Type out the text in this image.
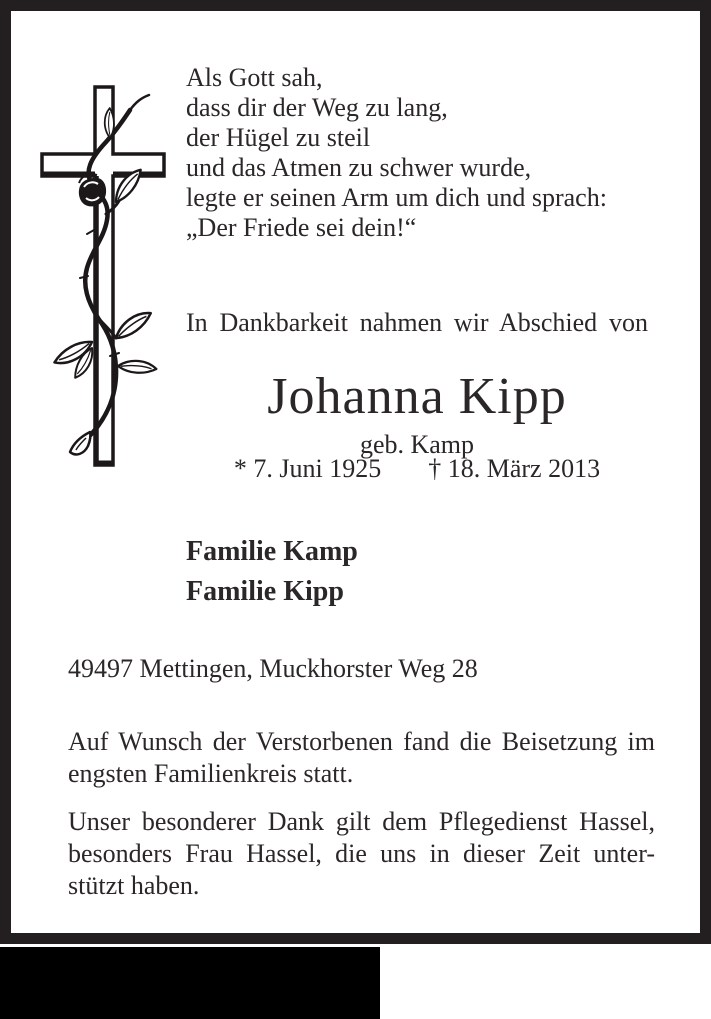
Als Gott sah,
dass dir der Weg zu lang,
der Hügel zu steil
und das Atmen zu schwer wurde,
legte er seinen Arm um dich und sprach:
„Der Friede sei dein!“
In Dankbarkeit nahmen wir Abschied von
Johanna Kipp
geb. Kamp
* 7. Juni 1925 † 18. März 2013
Familie Kamp
Familie Kipp
49497 Mettingen, Muckhorster Weg 28
Auf Wunsch der Verstorbenen fand die Beisetzung im
engsten Familienkreis statt.
Unser besonderer Dank gilt dem Pflegedienst Hassel,
besonders Frau Hassel, die uns in dieser Zeit unter-
stützt haben.
